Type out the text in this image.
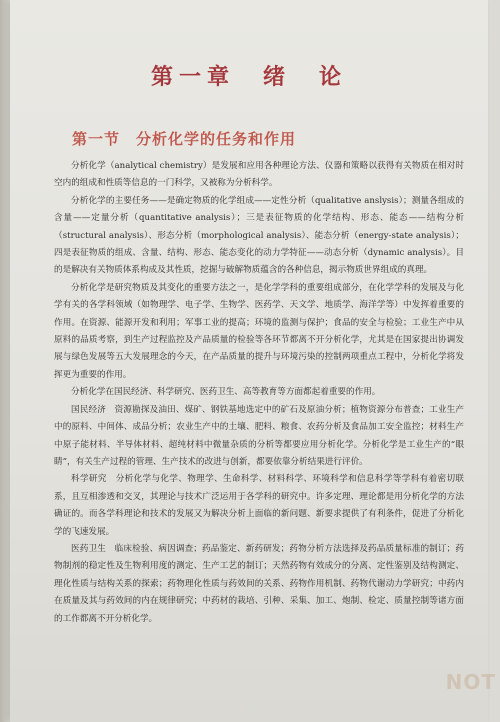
第一章　绪　论
第一节　分析化学的任务和作用

分析化学（analytical chemistry）是发展和应用各种理论方法、仪器和策略以获得有关物质在相对时空内的组成和性质等信息的一门科学，又被称为分析科学。

分析化学的主要任务——是确定物质的化学组成——定性分析（qualitative anslysis）；测量各组成的含量——定量分析（quantitative analysis）；三是表征物质的化学结构、形态、能态——结构分析（structural analysis）、形态分析（morphological analysis）、能态分析（energy-state analysis）；四是表征物质的组成、含量、结构、形态、能态变化的动力学特征——动态分析（dynamic analysis）。目的是解决有关物质体系构成及其性质，挖掘与破解物质蕴含的各种信息，揭示物质世界组成的真理。

分析化学是研究物质及其变化的重要方法之一，是化学学科的重要组成部分，在化学学科的发展及与化学有关的各学科领域（如物理学、电子学、生物学、医药学、天文学、地质学、海洋学等）中发挥着重要的作用。在资源、能源开发和利用；军事工业的提高；环境的监测与保护；食品的安全与检验；工业生产中从原料的品质考察，到生产过程监控及产品质量的检验等各环节都离不开分析化学，尤其是在国家提出协调发展与绿色发展等五大发展理念的今天，在产品质量的提升与环境污染的控制两项重点工程中，分析化学将发挥更为重要的作用。

分析化学在国民经济、科学研究、医药卫生、高等教育等方面都起着重要的作用。

国民经济　资源勘探及油田、煤矿、钢铁基地选定中的矿石及原油分析；植物资源分布普查；工业生产中的原料、中间体、成品分析；农业生产中的土壤、肥料、粮食、农药分析及食品加工安全监控；材料生产中原子能材料、半导体材料、超纯材料中微量杂质的分析等都要应用分析化学。分析化学是工业生产的“眼睛”，有关生产过程的管理、生产技术的改进与创新，都要依靠分析结果进行评价。

科学研究　分析化学与化学、物理学、生命科学、材料科学、环境科学和信息科学等学科有着密切联系，且互相渗透和交叉，其理论与技术广泛运用于各学科的研究中。许多定理、理论都是用分析化学的方法确证的。而各学科理论和技术的发展又为解决分析上面临的新问题、新要求提供了有利条件，促进了分析化学的飞速发展。

医药卫生　临床检验、病因调查；药品鉴定、新药研发；药物分析方法选择及药品质量标准的制订；药物制剂的稳定性及生物利用度的测定、生产工艺的制订；天然药物有效成分的分离、定性鉴别及结构测定、理化性质与结构关系的探索；药物理化性质与药效间的关系、药物作用机制、药物代谢动力学研究；中药内在质量及其与药效间的内在规律研究；中药材的栽培、引种、采集、加工、炮制、检定、质量控制等诸方面的工作都离不开分析化学。

NOT
